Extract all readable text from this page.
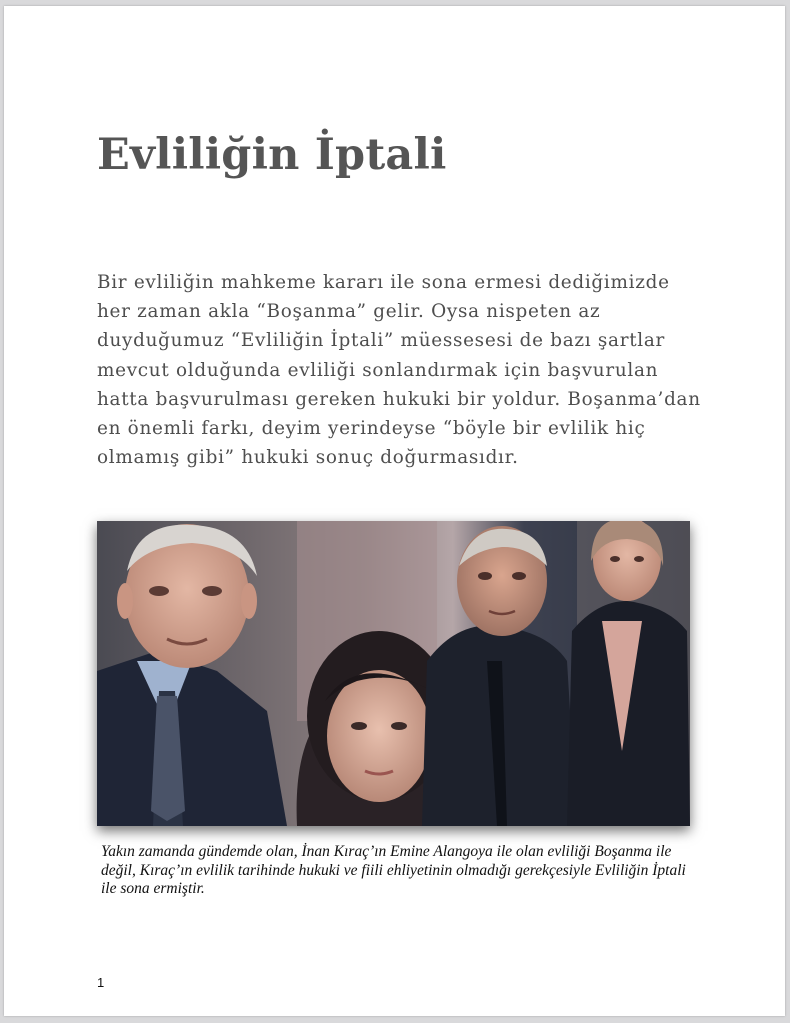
Evliliğin İptali

Bir evliliğin mahkeme kararı ile sona ermesi dediğimizde her zaman akla “Boşanma” gelir. Oysa nispeten az duyduğumuz “Evliliğin İptali” müessesesi de bazı şartlar mevcut olduğunda evliliği sonlandırmak için başvurulan hatta başvurulması gereken hukuki bir yoldur. Boşanma’dan en önemli farkı, deyim yerindeyse “böyle bir evlilik hiç olmamış gibi” hukuki sonuç doğurmasıdır.

Yakın zamanda gündemde olan, İnan Kıraç’ın Emine Alangoya ile olan evliliği Boşanma ile değil, Kıraç’ın evlilik tarihinde hukuki ve fiili ehliyetinin olmadığı gerekçesiyle Evliliğin İptali ile sona ermiştir.

1
